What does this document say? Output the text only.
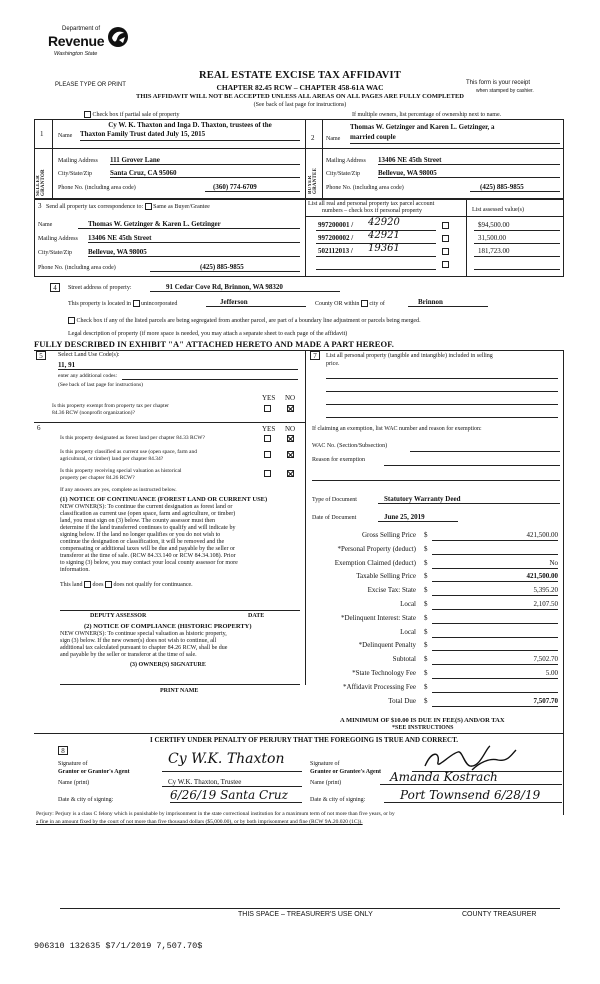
Department of
Revenue
Washington State
PLEASE TYPE OR PRINT
REAL ESTATE EXCISE TAX AFFIDAVIT
CHAPTER 82.45 RCW – CHAPTER 458-61A WAC
THIS AFFIDAVIT WILL NOT BE ACCEPTED UNLESS ALL AREAS ON ALL PAGES ARE FULLY COMPLETED
(See back of last page for instructions)
This form is your receipt
when stamped by cashier.
Check box if partial sale of property	If multiple owners, list percentage of ownership next to name.
1 Name
Cy W. K. Thaxton and Inga D. Thaxton, trustees of the
Thaxton Family Trust dated July 15, 2015
SELLER GRANTOR
Mailing Address 111 Grover Lane
City/State/Zip	Santa Cruz, CA 95060
Phone No. (including area code)	(360) 774-6709
2 Name
Thomas W. Getzinger and Karen L. Getzinger, a
married couple
BUYER GRANTEE
Mailing Address 13406 NE 45th Street
City/State/Zip	Bellevue, WA 98005
Phone No. (including area code)	(425) 885-9855
3 Send all property tax correspondence to: Same as Buyer/Grantee
Name	Thomas W. Getzinger & Karen L. Getzinger
Mailing Address 13406 NE 45th Street
City/State/Zip Bellevue, WA 98005
Phone No. (including area code)	(425) 885-9855
List all real and personal property tax parcel account
numbers – check box if personal property	List assessed value(s)
997200001 / 42920	$94,500.00
997200002 / 42921	31,500.00
502112013 / 19361	181,723.00
4	Street address of property:	91 Cedar Cove Rd, Brinnon, WA 98320
This property is located in unincorporated	Jefferson	County OR within city of	Brinnon
Check box if any of the listed parcels are being segregated from another parcel, are part of a boundary line adjustment or parcels being merged.
Legal description of property (if more space is needed, you may attach a separate sheet to each page of the affidavit)
FULLY DESCRIBED IN EXHIBIT "A" ATTACHED HERETO AND MADE A PART HEREOF.
5	Select Land Use Code(s):
11, 91
enter any additional codes:
(See back of last page for instructions)
YES NO
Is this property exempt from property tax per chapter
84.36 RCW (nonprofit organization)?
6	YES NO
Is this property designated as forest land per chapter 84.33 RCW?
Is this property classified as current use (open space, farm and
agricultural, or timber) land per chapter 84.34?
Is this property receiving special valuation as historical
property per chapter 84.26 RCW?
If any answers are yes, complete as instructed below.
(1) NOTICE OF CONTINUANCE (FOREST LAND OR CURRENT USE)
NEW OWNER(S): To continue the current designation as forest land or
classification as current use (open space, farm and agriculture, or timber)
land, you must sign on (3) below. The county assessor must then
determine if the land transferred continues to qualify and will indicate by
signing below. If the land no longer qualifies or you do not wish to
continue the designation or classification, it will be removed and the
compensating or additional taxes will be due and payable by the seller or
transferor at the time of sale. (RCW 84.33.140 or RCW 84.34.108). Prior
to signing (3) below, you may contact your local county assessor for more
information.
This land does does not qualify for continuance.
DEPUTY ASSESSOR	DATE
(2) NOTICE OF COMPLIANCE (HISTORIC PROPERTY)
NEW OWNER(S): To continue special valuation as historic property,
sign (3) below. If the new owner(s) does not wish to continue, all
additional tax calculated pursuant to chapter 84.26 RCW, shall be due
and payable by the seller or transferor at the time of sale.
(3) OWNER(S) SIGNATURE
PRINT NAME
7	List all personal property (tangible and intangible) included in selling
price.
If claiming an exemption, list WAC number and reason for exemption:
WAC No. (Section/Subsection)
Reason for exemption
Type of Document	Statutory Warranty Deed
Date of Document	June 25, 2019
Gross Selling Price $	421,500.00
*Personal Property (deduct) $
Exemption Claimed (deduct) $	No
Taxable Selling Price $	421,500.00
Excise Tax: State $	5,395.20
Local $	2,107.50
*Delinquent Interest: State $
Local $
*Delinquent Penalty $
Subtotal $	7,502.70
*State Technology Fee $	5.00
*Affidavit Processing Fee $
Total Due $	7,507.70
A MINIMUM OF $10.00 IS DUE IN FEE(S) AND/OR TAX
*SEE INSTRUCTIONS
8
I CERTIFY UNDER PENALTY OF PERJURY THAT THE FOREGOING IS TRUE AND CORRECT.
Signature of
Grantor or Grantor's Agent
Cy W.K. Thaxton	Signature of
Grantee or Grantee's Agent
Name (print)	Cy W.K. Thaxton, Trustee	Name (print)	Amanda Kostrach
Date & city of signing:	6/26/19 Santa Cruz	Date & city of signing:	Port Townsend 6/28/19
Perjury: Perjury is a class C felony which is punishable by imprisonment in the state correctional institution for a maximum term of not more than five years, or by
a fine in an amount fixed by the court of not more than five thousand dollars ($5,000.00), or by both imprisonment and fine (RCW 9A.20.020 (1C)).
THIS SPACE – TREASURER'S USE ONLY	COUNTY TREASURER
906310 132635 $7/1/2019 7,507.70$
